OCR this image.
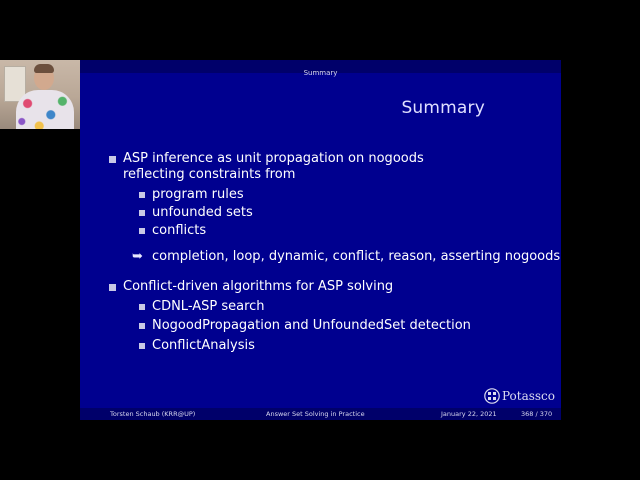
Summary
Summary
ASP inference as unit propagation on nogoods
reflecting constraints from
program rules
unfounded sets
conflicts
➥ completion, loop, dynamic, conflict, reason, asserting nogoods
Conflict-driven algorithms for ASP solving
CDNL-ASP search
NogoodPropagation and UnfoundedSet detection
ConflictAnalysis
Potassco
Torsten Schaub (KRR@UP)	Answer Set Solving in Practice	January 22, 2021	368 / 370
